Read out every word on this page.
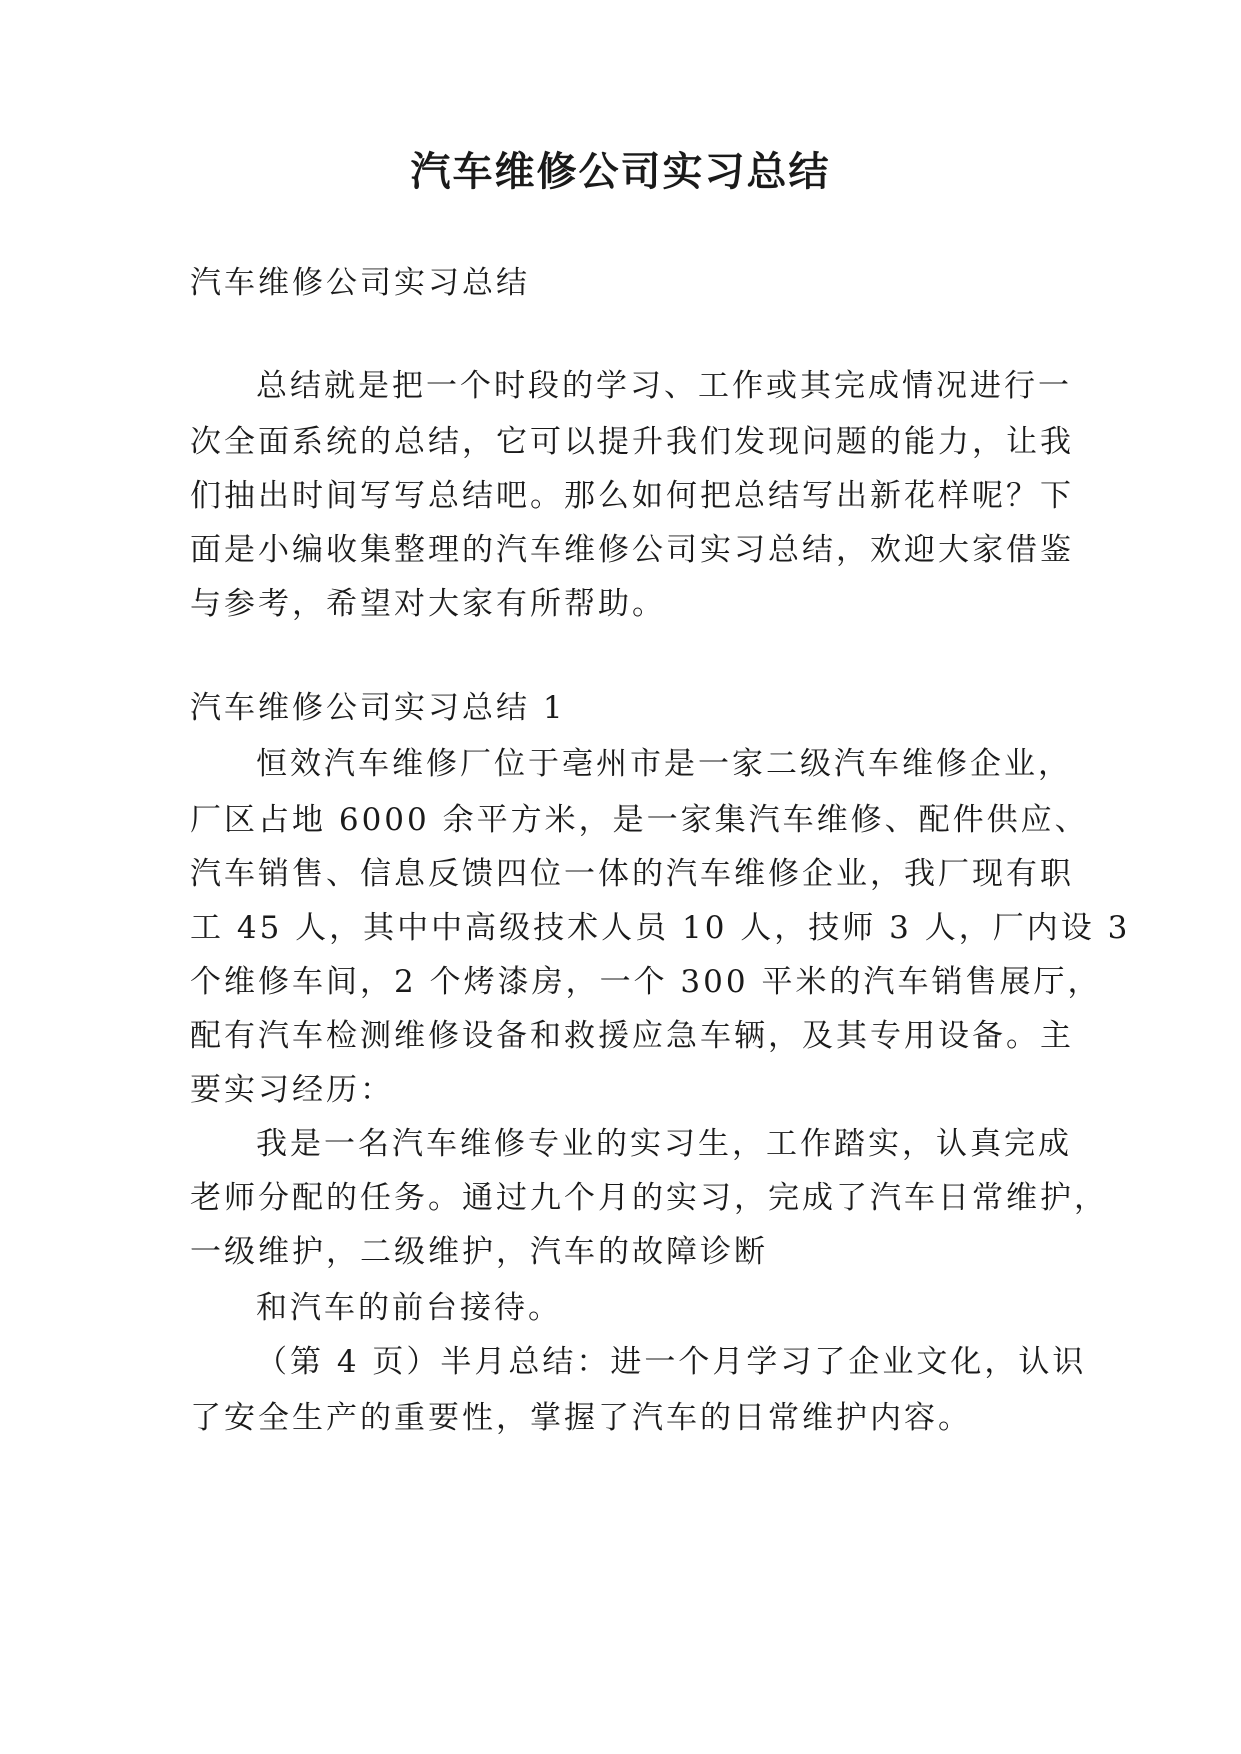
汽车维修公司实习总结
汽车维修公司实习总结
总结就是把一个时段的学习、工作或其完成情况进行一
次全面系统的总结，它可以提升我们发现问题的能力，让我
们抽出时间写写总结吧。那么如何把总结写出新花样呢？下
面是小编收集整理的汽车维修公司实习总结，欢迎大家借鉴
与参考，希望对大家有所帮助。
汽车维修公司实习总结 1
恒效汽车维修厂位于亳州市是一家二级汽车维修企业，
厂区占地 6000 余平方米，是一家集汽车维修、配件供应、
汽车销售、信息反馈四位一体的汽车维修企业，我厂现有职
工 45 人，其中中高级技术人员 10 人，技师 3 人，厂内设 3
个维修车间，2 个烤漆房，一个 300 平米的汽车销售展厅，
配有汽车检测维修设备和救援应急车辆，及其专用设备。主
要实习经历：
我是一名汽车维修专业的实习生，工作踏实，认真完成
老师分配的任务。通过九个月的实习，完成了汽车日常维护，
一级维护，二级维护，汽车的故障诊断
和汽车的前台接待。
（第 4 页）半月总结：进一个月学习了企业文化，认识
了安全生产的重要性，掌握了汽车的日常维护内容。
